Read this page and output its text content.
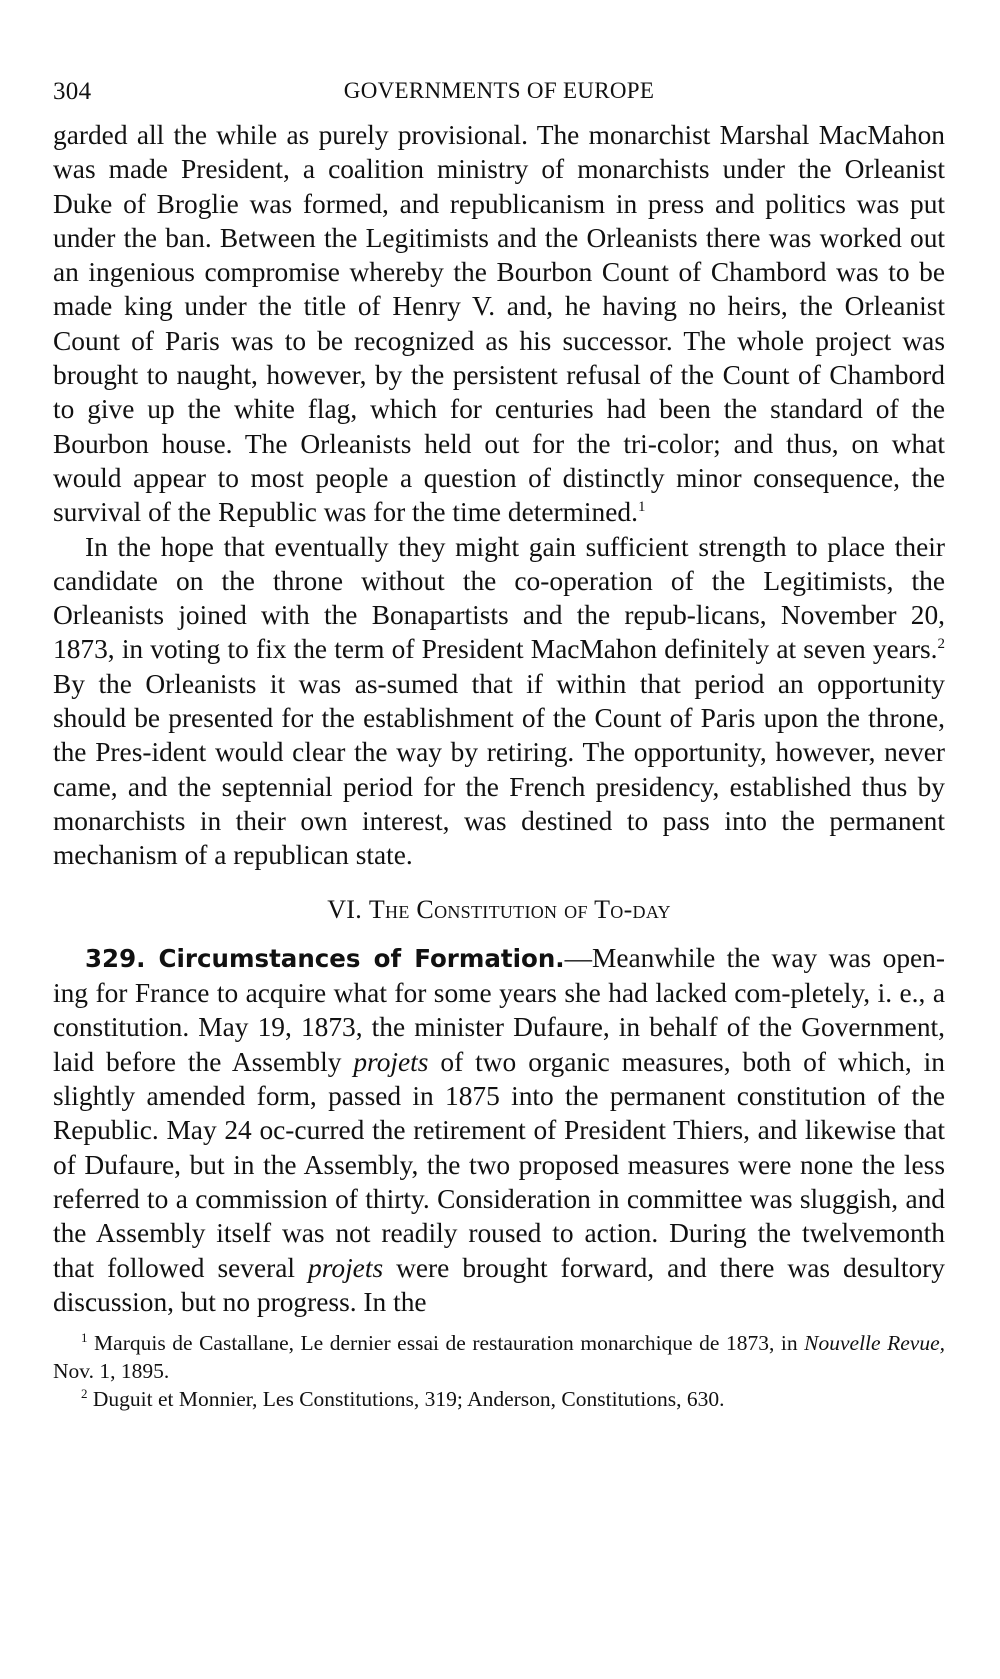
304	GOVERNMENTS OF EUROPE

garded all the while as purely provisional. The monarchist Marshal MacMahon was made President, a coalition ministry of monarchists under the Orleanist Duke of Broglie was formed, and republicanism in press and politics was put under the ban. Between the Legitimists and the Orleanists there was worked out an ingenious compromise whereby the Bourbon Count of Chambord was to be made king under the title of Henry V. and, he having no heirs, the Orleanist Count of Paris was to be recognized as his successor. The whole project was brought to naught, however, by the persistent refusal of the Count of Chambord to give up the white flag, which for centuries had been the standard of the Bourbon house. The Orleanists held out for the tri-color; and thus, on what would appear to most people a question of distinctly minor consequence, the survival of the Republic was for the time determined.$^1$

In the hope that eventually they might gain sufficient strength to place their candidate on the throne without the co-operation of the Legitimists, the Orleanists joined with the Bonapartists and the repub-licans, November 20, 1873, in voting to fix the term of President MacMahon definitely at seven years.$^2$ By the Orleanists it was as-sumed that if within that period an opportunity should be presented for the establishment of the Count of Paris upon the throne, the Pres-ident would clear the way by retiring. The opportunity, however, never came, and the septennial period for the French presidency, established thus by monarchists in their own interest, was destined to pass into the permanent mechanism of a republican state.

VI. The Constitution of To-day

329. Circumstances of Formation.—Meanwhile the way was open-ing for France to acquire what for some years she had lacked com-pletely, i. e., a constitution. May 19, 1873, the minister Dufaure, in behalf of the Government, laid before the Assembly projets of two organic measures, both of which, in slightly amended form, passed in 1875 into the permanent constitution of the Republic. May 24 oc-curred the retirement of President Thiers, and likewise that of Dufaure, but in the Assembly, the two proposed measures were none the less referred to a commission of thirty. Consideration in committee was sluggish, and the Assembly itself was not readily roused to action. During the twelvemonth that followed several projets were brought forward, and there was desultory discussion, but no progress. In the

$^1$ Marquis de Castallane, Le dernier essai de restauration monarchique de 1873, in Nouvelle Revue, Nov. 1, 1895.

$^2$ Duguit et Monnier, Les Constitutions, 319; Anderson, Constitutions, 630.
